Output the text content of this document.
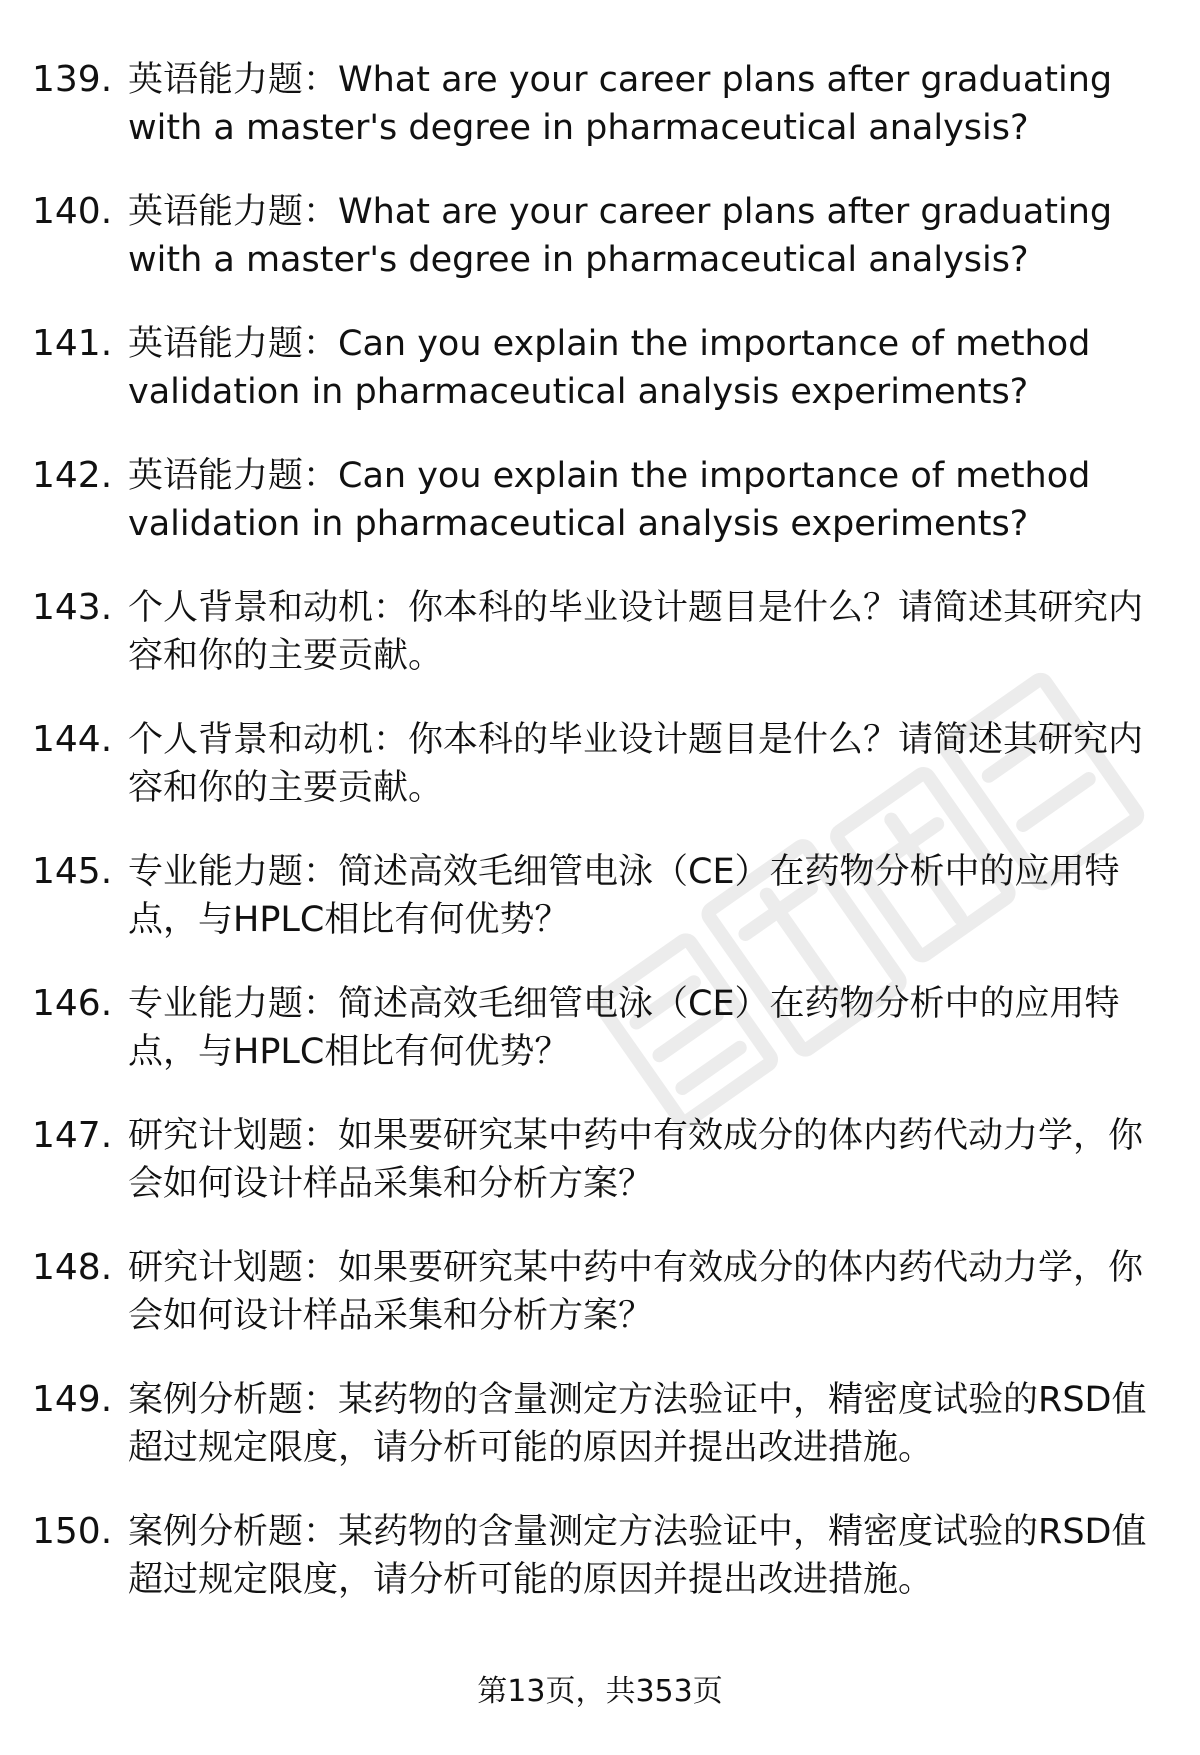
139. 英语能力题：What are your career plans after graduating with a master's degree in pharmaceutical analysis?
140. 英语能力题：What are your career plans after graduating with a master's degree in pharmaceutical analysis?
141. 英语能力题：Can you explain the importance of method validation in pharmaceutical analysis experiments?
142. 英语能力题：Can you explain the importance of method validation in pharmaceutical analysis experiments?
143. 个人背景和动机：你本科的毕业设计题目是什么？请简述其研究内容和你的主要贡献。
144. 个人背景和动机：你本科的毕业设计题目是什么？请简述其研究内容和你的主要贡献。
145. 专业能力题：简述高效毛细管电泳（CE）在药物分析中的应用特点，与HPLC相比有何优势？
146. 专业能力题：简述高效毛细管电泳（CE）在药物分析中的应用特点，与HPLC相比有何优势？
147. 研究计划题：如果要研究某中药中有效成分的体内药代动力学，你会如何设计样品采集和分析方案？
148. 研究计划题：如果要研究某中药中有效成分的体内药代动力学，你会如何设计样品采集和分析方案？
149. 案例分析题：某药物的含量测定方法验证中，精密度试验的RSD值超过规定限度，请分析可能的原因并提出改进措施。
150. 案例分析题：某药物的含量测定方法验证中，精密度试验的RSD值超过规定限度，请分析可能的原因并提出改进措施。
第13页，共353页
